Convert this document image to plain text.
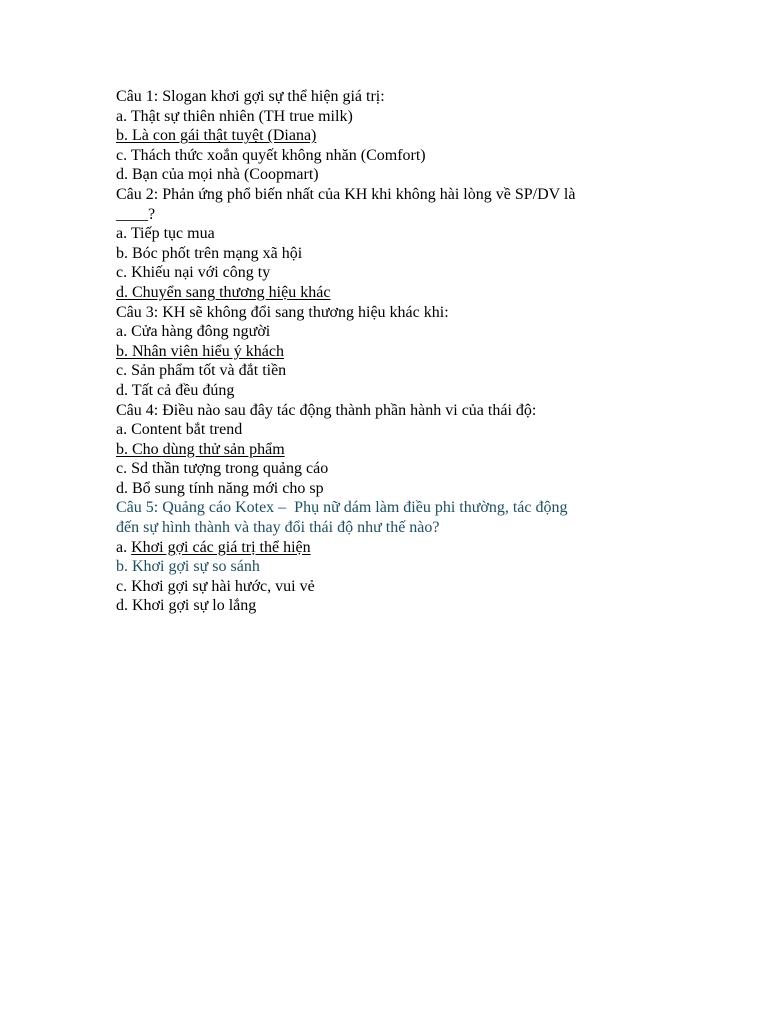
Câu 1: Slogan khơi gợi sự thể hiện giá trị:

a. Thật sự thiên nhiên (TH true milk)

b. Là con gái thật tuyệt (Diana)

c. Thách thức xoắn quyết không nhăn (Comfort)

d. Bạn của mọi nhà (Coopmart)

Câu 2: Phản ứng phổ biến nhất của KH khi không hài lòng về SP/DV là

____?

a. Tiếp tục mua

b. Bóc phốt trên mạng xã hội

c. Khiếu nại với công ty

d. Chuyển sang thương hiệu khác

Câu 3: KH sẽ không đổi sang thương hiệu khác khi:

a. Cửa hàng đông người

b. Nhân viên hiểu ý khách

c. Sản phẩm tốt và đắt tiền

d. Tất cả đều đúng

Câu 4: Điều nào sau đây tác động thành phần hành vi của thái độ:

a. Content bắt trend

b. Cho dùng thử sản phẩm

c. Sd thần tượng trong quảng cáo

d. Bổ sung tính năng mới cho sp

Câu 5: Quảng cáo Kotex –  Phụ nữ dám làm điều phi thường, tác động

đến sự hình thành và thay đổi thái độ như thế nào?

a. Khơi gợi các giá trị thể hiện

b. Khơi gợi sự so sánh

c. Khơi gợi sự hài hước, vui vẻ

d. Khơi gợi sự lo lắng
